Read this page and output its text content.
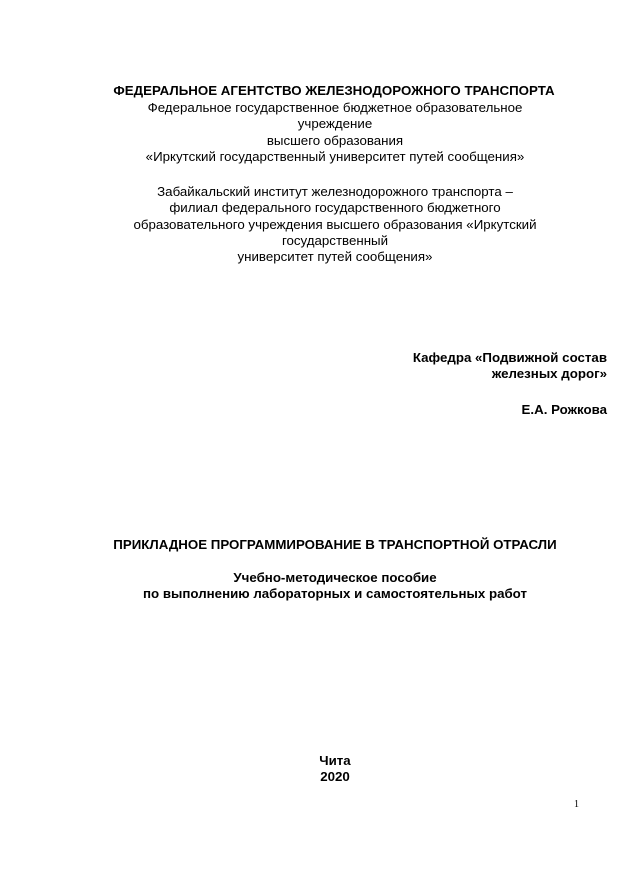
ФЕДЕРАЛЬНОЕ АГЕНТСТВО ЖЕЛЕЗНОДОРОЖНОГО ТРАНСПОРТА
Федеральное государственное бюджетное образовательное
учреждение
высшего образования
«Иркутский государственный университет путей сообщения»
Забайкальский институт железнодорожного транспорта –
филиал федерального государственного бюджетного
образовательного учреждения высшего образования «Иркутский
государственный
университет путей сообщения»
Кафедра «Подвижной состав
железных дорог»
Е.А. Рожкова
ПРИКЛАДНОЕ ПРОГРАММИРОВАНИЕ В ТРАНСПОРТНОЙ ОТРАСЛИ
Учебно-методическое пособие
по выполнению лабораторных и самостоятельных работ
Чита
2020
1
